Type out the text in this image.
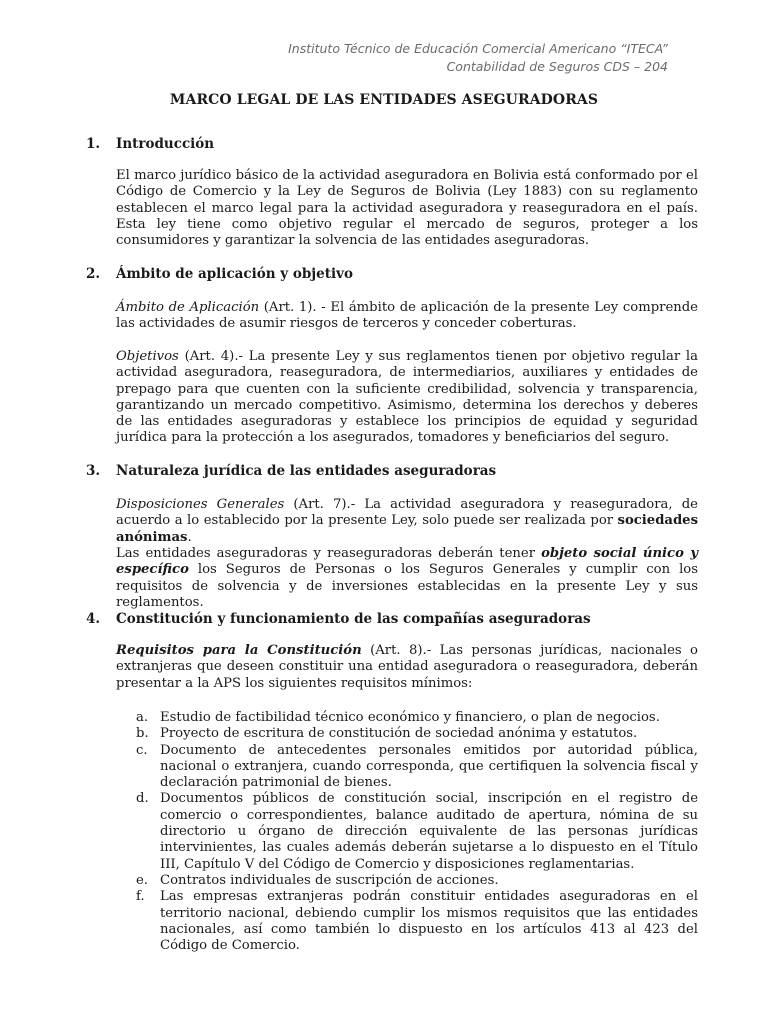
Instituto Técnico de Educación Comercial Americano “ITECA”
Contabilidad de Seguros CDS – 204
MARCO LEGAL DE LAS ENTIDADES ASEGURADORAS
1. Introducción
El marco jurídico básico de la actividad aseguradora en Bolivia está conformado por el Código de Comercio y la Ley de Seguros de Bolivia (Ley 1883) con su reglamento establecen el marco legal para la actividad aseguradora y reaseguradora en el país. Esta ley tiene como objetivo regular el mercado de seguros, proteger a los consumidores y garantizar la solvencia de las entidades aseguradoras.
2. Ámbito de aplicación y objetivo
Ámbito de Aplicación (Art. 1). - El ámbito de aplicación de la presente Ley comprende las actividades de asumir riesgos de terceros y conceder coberturas.
Objetivos (Art. 4).- La presente Ley y sus reglamentos tienen por objetivo regular la actividad aseguradora, reaseguradora, de intermediarios, auxiliares y entidades de prepago para que cuenten con la suficiente credibilidad, solvencia y transparencia, garantizando un mercado competitivo. Asimismo, determina los derechos y deberes de las entidades aseguradoras y establece los principios de equidad y seguridad jurídica para la protección a los asegurados, tomadores y beneficiarios del seguro.
3. Naturaleza jurídica de las entidades aseguradoras
Disposiciones Generales (Art. 7).- La actividad aseguradora y reaseguradora, de acuerdo a lo establecido por la presente Ley, solo puede ser realizada por sociedades anónimas.
Las entidades aseguradoras y reaseguradoras deberán tener objeto social único y específico los Seguros de Personas o los Seguros Generales y cumplir con los requisitos de solvencia y de inversiones establecidas en la presente Ley y sus reglamentos.
4. Constitución y funcionamiento de las compañías aseguradoras
Requisitos para la Constitución (Art. 8).- Las personas jurídicas, nacionales o extranjeras que deseen constituir una entidad aseguradora o reaseguradora, deberán presentar a la APS los siguientes requisitos mínimos:
a. Estudio de factibilidad técnico económico y financiero, o plan de negocios.
b. Proyecto de escritura de constitución de sociedad anónima y estatutos.
c. Documento de antecedentes personales emitidos por autoridad pública, nacional o extranjera, cuando corresponda, que certifiquen la solvencia fiscal y declaración patrimonial de bienes.
d. Documentos públicos de constitución social, inscripción en el registro de comercio o correspondientes, balance auditado de apertura, nómina de su directorio u órgano de dirección equivalente de las personas jurídicas intervinientes, las cuales además deberán sujetarse a lo dispuesto en el Título III, Capítulo V del Código de Comercio y disposiciones reglamentarias.
e. Contratos individuales de suscripción de acciones.
f. Las empresas extranjeras podrán constituir entidades aseguradoras en el territorio nacional, debiendo cumplir los mismos requisitos que las entidades nacionales, así como también lo dispuesto en los artículos 413 al 423 del Código de Comercio.
